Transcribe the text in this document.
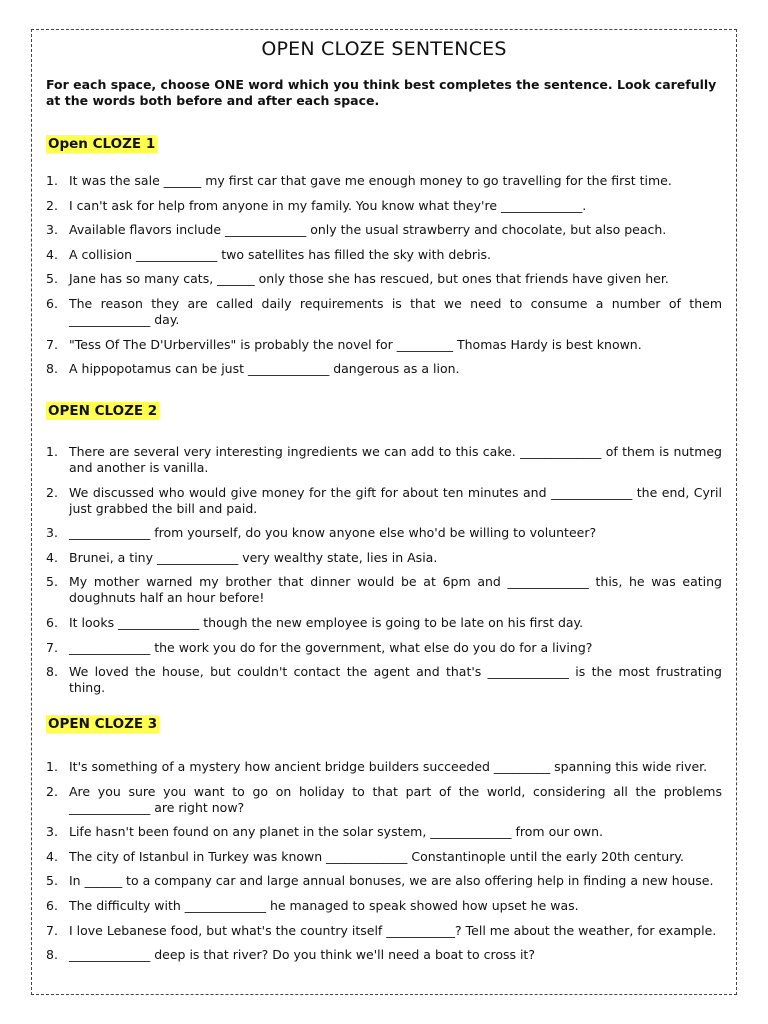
OPEN CLOZE SENTENCES
For each space, choose ONE word which you think best completes the sentence. Look carefully at the words both before and after each space.
Open CLOZE 1
1. It was the sale ______ my first car that gave me enough money to go travelling for the first time.
2. I can't ask for help from anyone in my family. You know what they're _____________.
3. Available flavors include _____________ only the usual strawberry and chocolate, but also peach.
4. A collision _____________ two satellites has filled the sky with debris.
5. Jane has so many cats, ______ only those she has rescued, but ones that friends have given her.
6. The reason they are called daily requirements is that we need to consume a number of them _____________ day.
7. "Tess Of The D'Urbervilles" is probably the novel for _________ Thomas Hardy is best known.
8. A hippopotamus can be just _____________ dangerous as a lion.
OPEN CLOZE 2
1. There are several very interesting ingredients we can add to this cake. _____________ of them is nutmeg and another is vanilla.
2. We discussed who would give money for the gift for about ten minutes and _____________ the end, Cyril just grabbed the bill and paid.
3. _____________ from yourself, do you know anyone else who'd be willing to volunteer?
4. Brunei, a tiny _____________ very wealthy state, lies in Asia.
5. My mother warned my brother that dinner would be at 6pm and _____________ this, he was eating doughnuts half an hour before!
6. It looks _____________ though the new employee is going to be late on his first day.
7. _____________ the work you do for the government, what else do you do for a living?
8. We loved the house, but couldn't contact the agent and that's _____________ is the most frustrating thing.
OPEN CLOZE 3
1. It's something of a mystery how ancient bridge builders succeeded _________ spanning this wide river.
2. Are you sure you want to go on holiday to that part of the world, considering all the problems _____________ are right now?
3. Life hasn't been found on any planet in the solar system, _____________ from our own.
4. The city of Istanbul in Turkey was known _____________ Constantinople until the early 20th century.
5. In ______ to a company car and large annual bonuses, we are also offering help in finding a new house.
6. The difficulty with _____________ he managed to speak showed how upset he was.
7. I love Lebanese food, but what's the country itself ___________? Tell me about the weather, for example.
8. _____________ deep is that river? Do you think we'll need a boat to cross it?
